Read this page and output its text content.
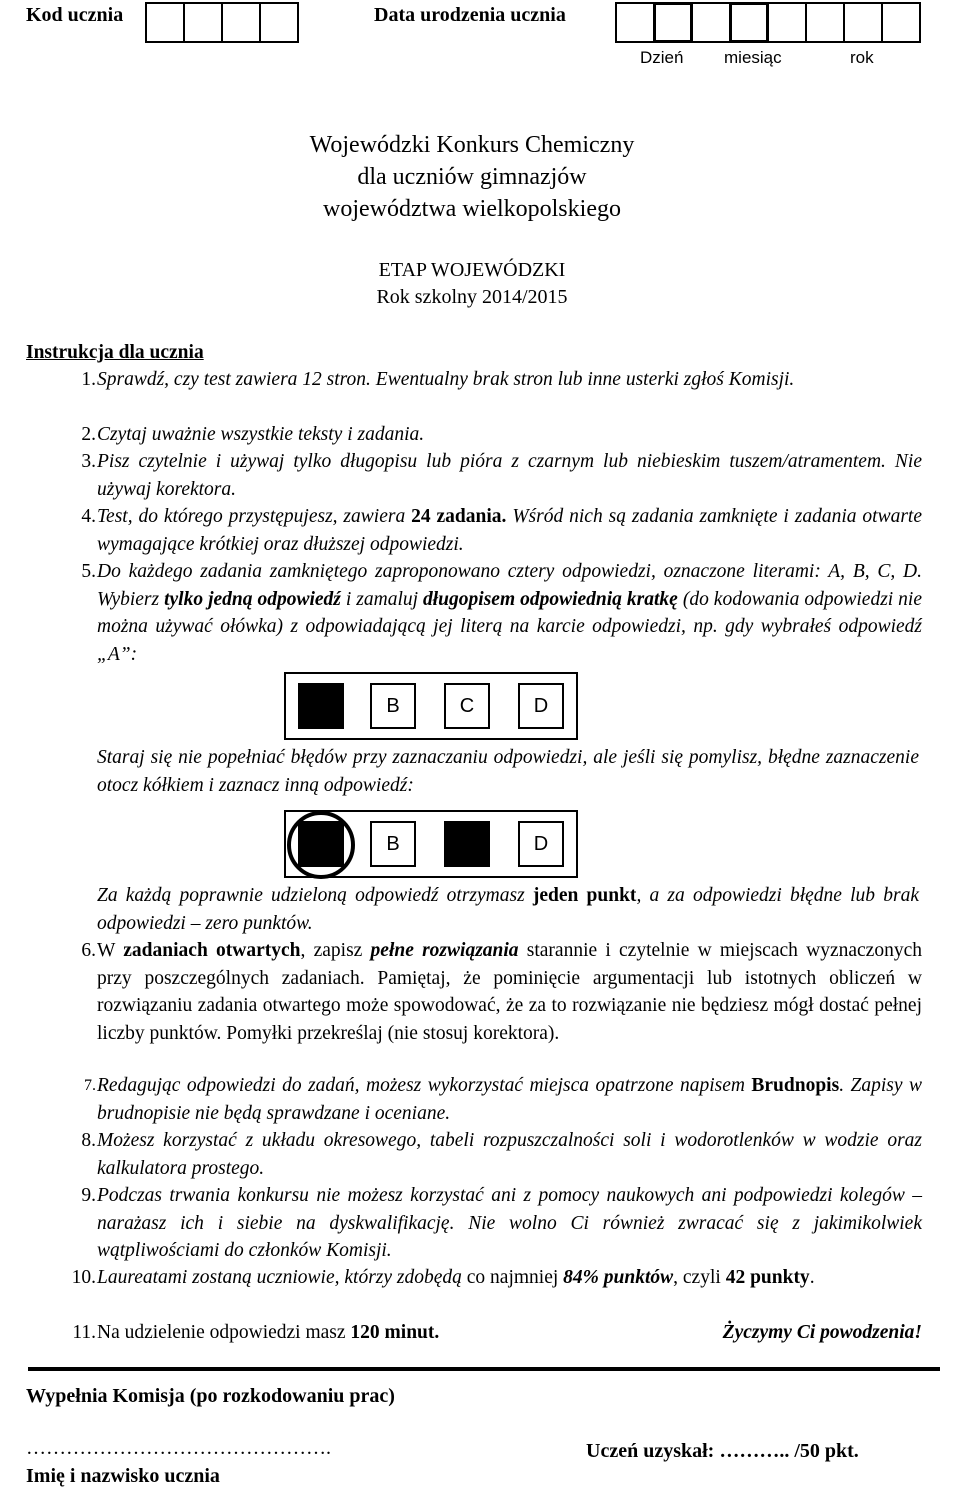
Kod ucznia	Data urodzenia ucznia
Dzień miesiąc	rok
Wojewódzki Konkurs Chemiczny
dla uczniów gimnazjów
województwa wielkopolskiego
ETAP WOJEWÓDZKI
Rok szkolny 2014/2015
Instrukcja dla ucznia
1. Sprawdź, czy test zawiera 12 stron. Ewentualny brak stron lub inne usterki zgłoś Komisji.
2. Czytaj uważnie wszystkie teksty i zadania.
3. Pisz czytelnie i używaj tylko długopisu lub pióra z czarnym lub niebieskim tuszem/atramentem. Nie używaj korektora.
4. Test, do którego przystępujesz, zawiera 24 zadania. Wśród nich są zadania zamknięte i zadania otwarte wymagające krótkiej oraz dłuższej odpowiedzi.
5. Do każdego zadania zamkniętego zaproponowano cztery odpowiedzi, oznaczone literami: A, B, C, D. Wybierz tylko jedną odpowiedź i zamaluj długopisem odpowiednią kratkę (do kodowania odpowiedzi nie można używać ołówka) z odpowiadającą jej literą na karcie odpowiedzi, np. gdy wybrałeś odpowiedź „A”:
B	C	D
Staraj się nie popełniać błędów przy zaznaczaniu odpowiedzi, ale jeśli się pomylisz, błędne zaznaczenie otocz kółkiem i zaznacz inną odpowiedź:
B	D
Za każdą poprawnie udzieloną odpowiedź otrzymasz jeden punkt, a za odpowiedzi błędne lub brak odpowiedzi – zero punktów.
6. W zadaniach otwartych, zapisz pełne rozwiązania starannie i czytelnie w miejscach wyznaczonych przy poszczególnych zadaniach. Pamiętaj, że pominięcie argumentacji lub istotnych obliczeń w rozwiązaniu zadania otwartego może spowodować, że za to rozwiązanie nie będziesz mógł dostać pełnej liczby punktów. Pomyłki przekreślaj (nie stosuj korektora).
7. Redagując odpowiedzi do zadań, możesz wykorzystać miejsca opatrzone napisem Brudnopis. Zapisy w brudnopisie nie będą sprawdzane i oceniane.
8. Możesz korzystać z układu okresowego, tabeli rozpuszczalności soli i wodorotlenków w wodzie oraz kalkulatora prostego.
9. Podczas trwania konkursu nie możesz korzystać ani z pomocy naukowych ani podpowiedzi kolegów – narażasz ich i siebie na dyskwalifikację. Nie wolno Ci również zwracać się z jakimikolwiek wątpliwościami do członków Komisji.
10. Laureatami zostaną uczniowie, którzy zdobędą co najmniej 84% punktów, czyli 42 punkty.
11. Na udzielenie odpowiedzi masz 120 minut.	Życzymy Ci powodzenia!
Wypełnia Komisja (po rozkodowaniu prac)
……………………………………….
Imię i nazwisko ucznia
Uczeń uzyskał: ……….. /50 pkt.
